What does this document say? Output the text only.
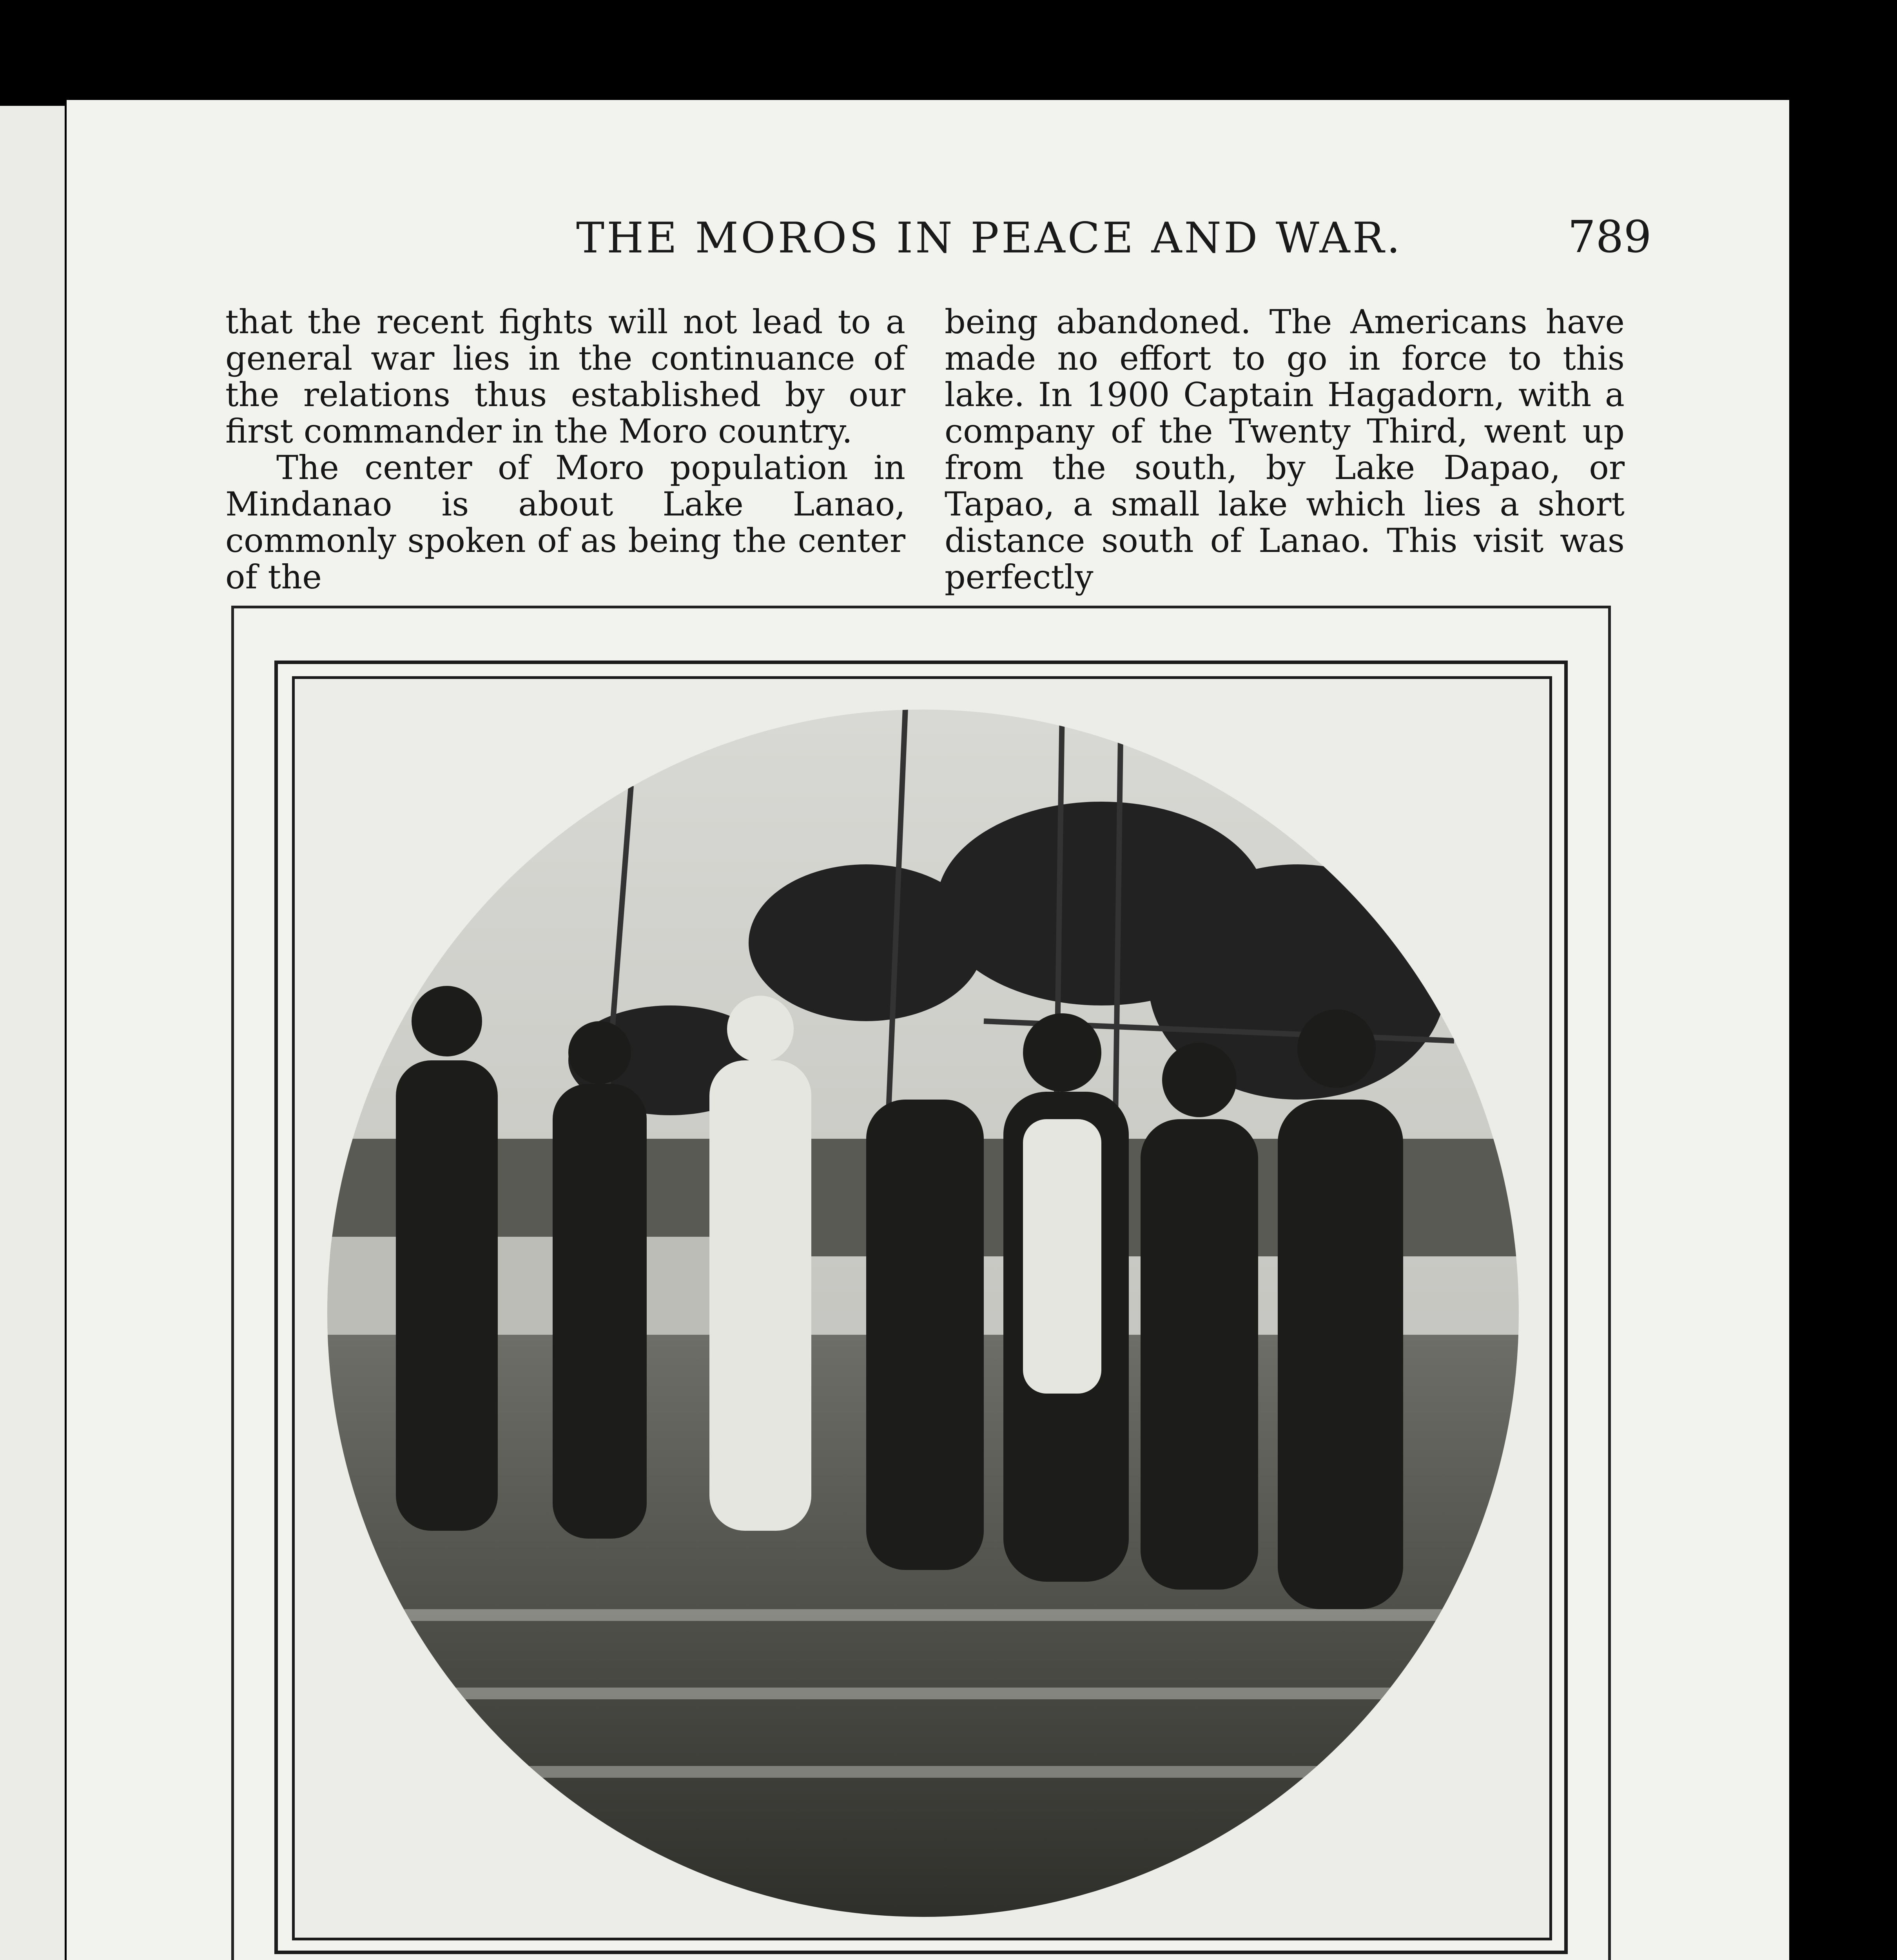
THE MOROS IN PEACE AND WAR.	789

that the recent fights will not lead to a general war lies in the continuance of the relations thus established by our first commander in the Moro country.

The center of Moro population in Mindanao is about Lake Lanao, commonly spoken of as being the center of the

being abandoned. The Americans have made no effort to go in force to this lake. In 1900 Captain Hagadorn, with a company of the Twenty Third, went up from the south, by Lake Dapao, or Tapao, a small lake which lies a short distance south of Lanao. This visit was perfectly
